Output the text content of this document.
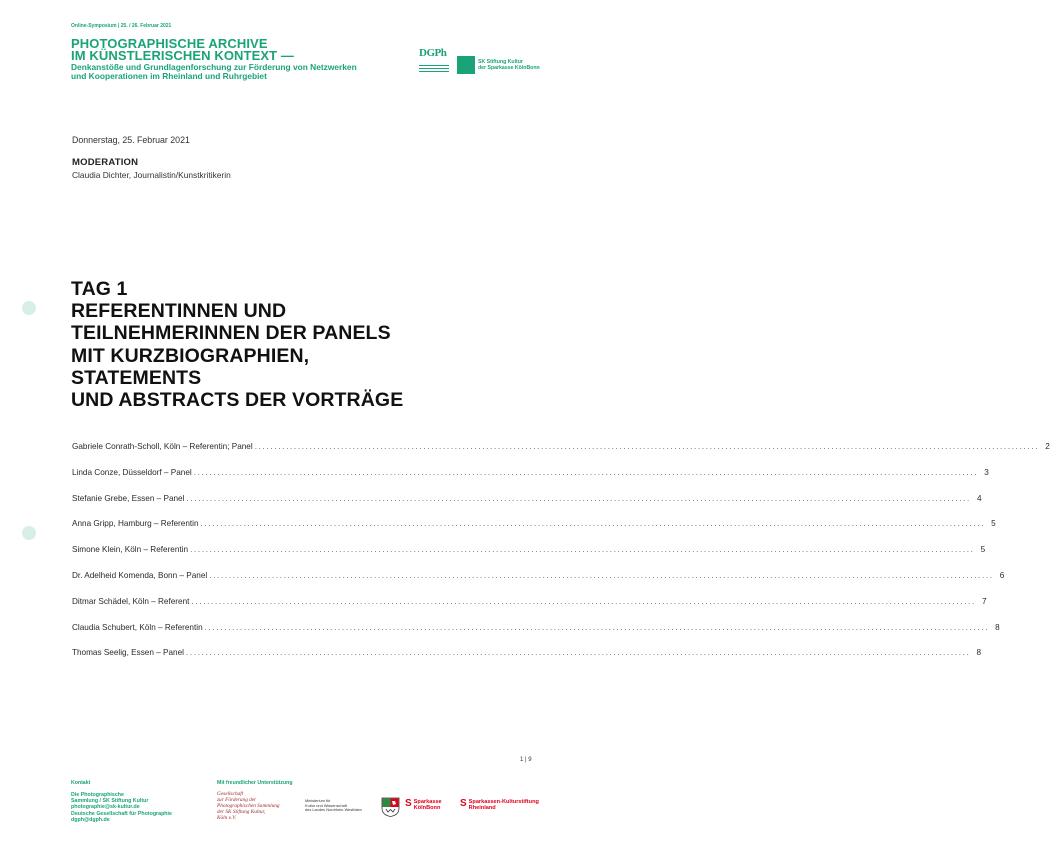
Online-Symposium | 25. / 26. Februar 2021
PHOTOGRAPHISCHE ARCHIVE
IM KÜNSTLERISCHEN KONTEXT —
Denkanstöße und Grundlagenforschung zur Förderung von Netzwerken
und Kooperationen im Rheinland und Ruhrgebiet
DGPh
SK Stiftung Kultur
der Sparkasse KölnBonn
Donnerstag, 25. Februar 2021
MODERATION
Claudia Dichter, Journalistin/Kunstkritikerin
TAG 1
REFERENTINNEN UND
TEILNEHMERINNEN DER PANELS
MIT KURZBIOGRAPHIEN,
STATEMENTS
UND ABSTRACTS DER VORTRÄGE
Gabriele Conrath-Scholl, Köln – Referentin; Panel ........................................................................................................................................................................................................ 2
Linda Conze, Düsseldorf – Panel ........................................................................................................................................................................................................ 3
Stefanie Grebe, Essen – Panel ........................................................................................................................................................................................................ 4
Anna Gripp, Hamburg – Referentin ........................................................................................................................................................................................................ 5
Simone Klein, Köln – Referentin ........................................................................................................................................................................................................ 5
Dr. Adelheid Komenda, Bonn – Panel ........................................................................................................................................................................................................ 6
Ditmar Schädel, Köln – Referent ........................................................................................................................................................................................................ 7
Claudia Schubert, Köln – Referentin ........................................................................................................................................................................................................ 8
Thomas Seelig, Essen – Panel ........................................................................................................................................................................................................ 8
1 | 9
Kontakt
Die Photographische
Sammlung / SK Stiftung Kultur
photographie@sk-kultur.de
Deutsche Gesellschaft für Photographie
dgph@dgph.de
Mit freundlicher Unterstützung
Gesellschaft
zur Förderung der
Photographischen Sammlung
der SK Stiftung Kultur,
Köln e.V.
Ministerium für
Kultur und Wissenschaft
des Landes Nordrhein-Westfalen
S Sparkasse
KölnBonn S Sparkassen-Kulturstiftung
Rheinland
